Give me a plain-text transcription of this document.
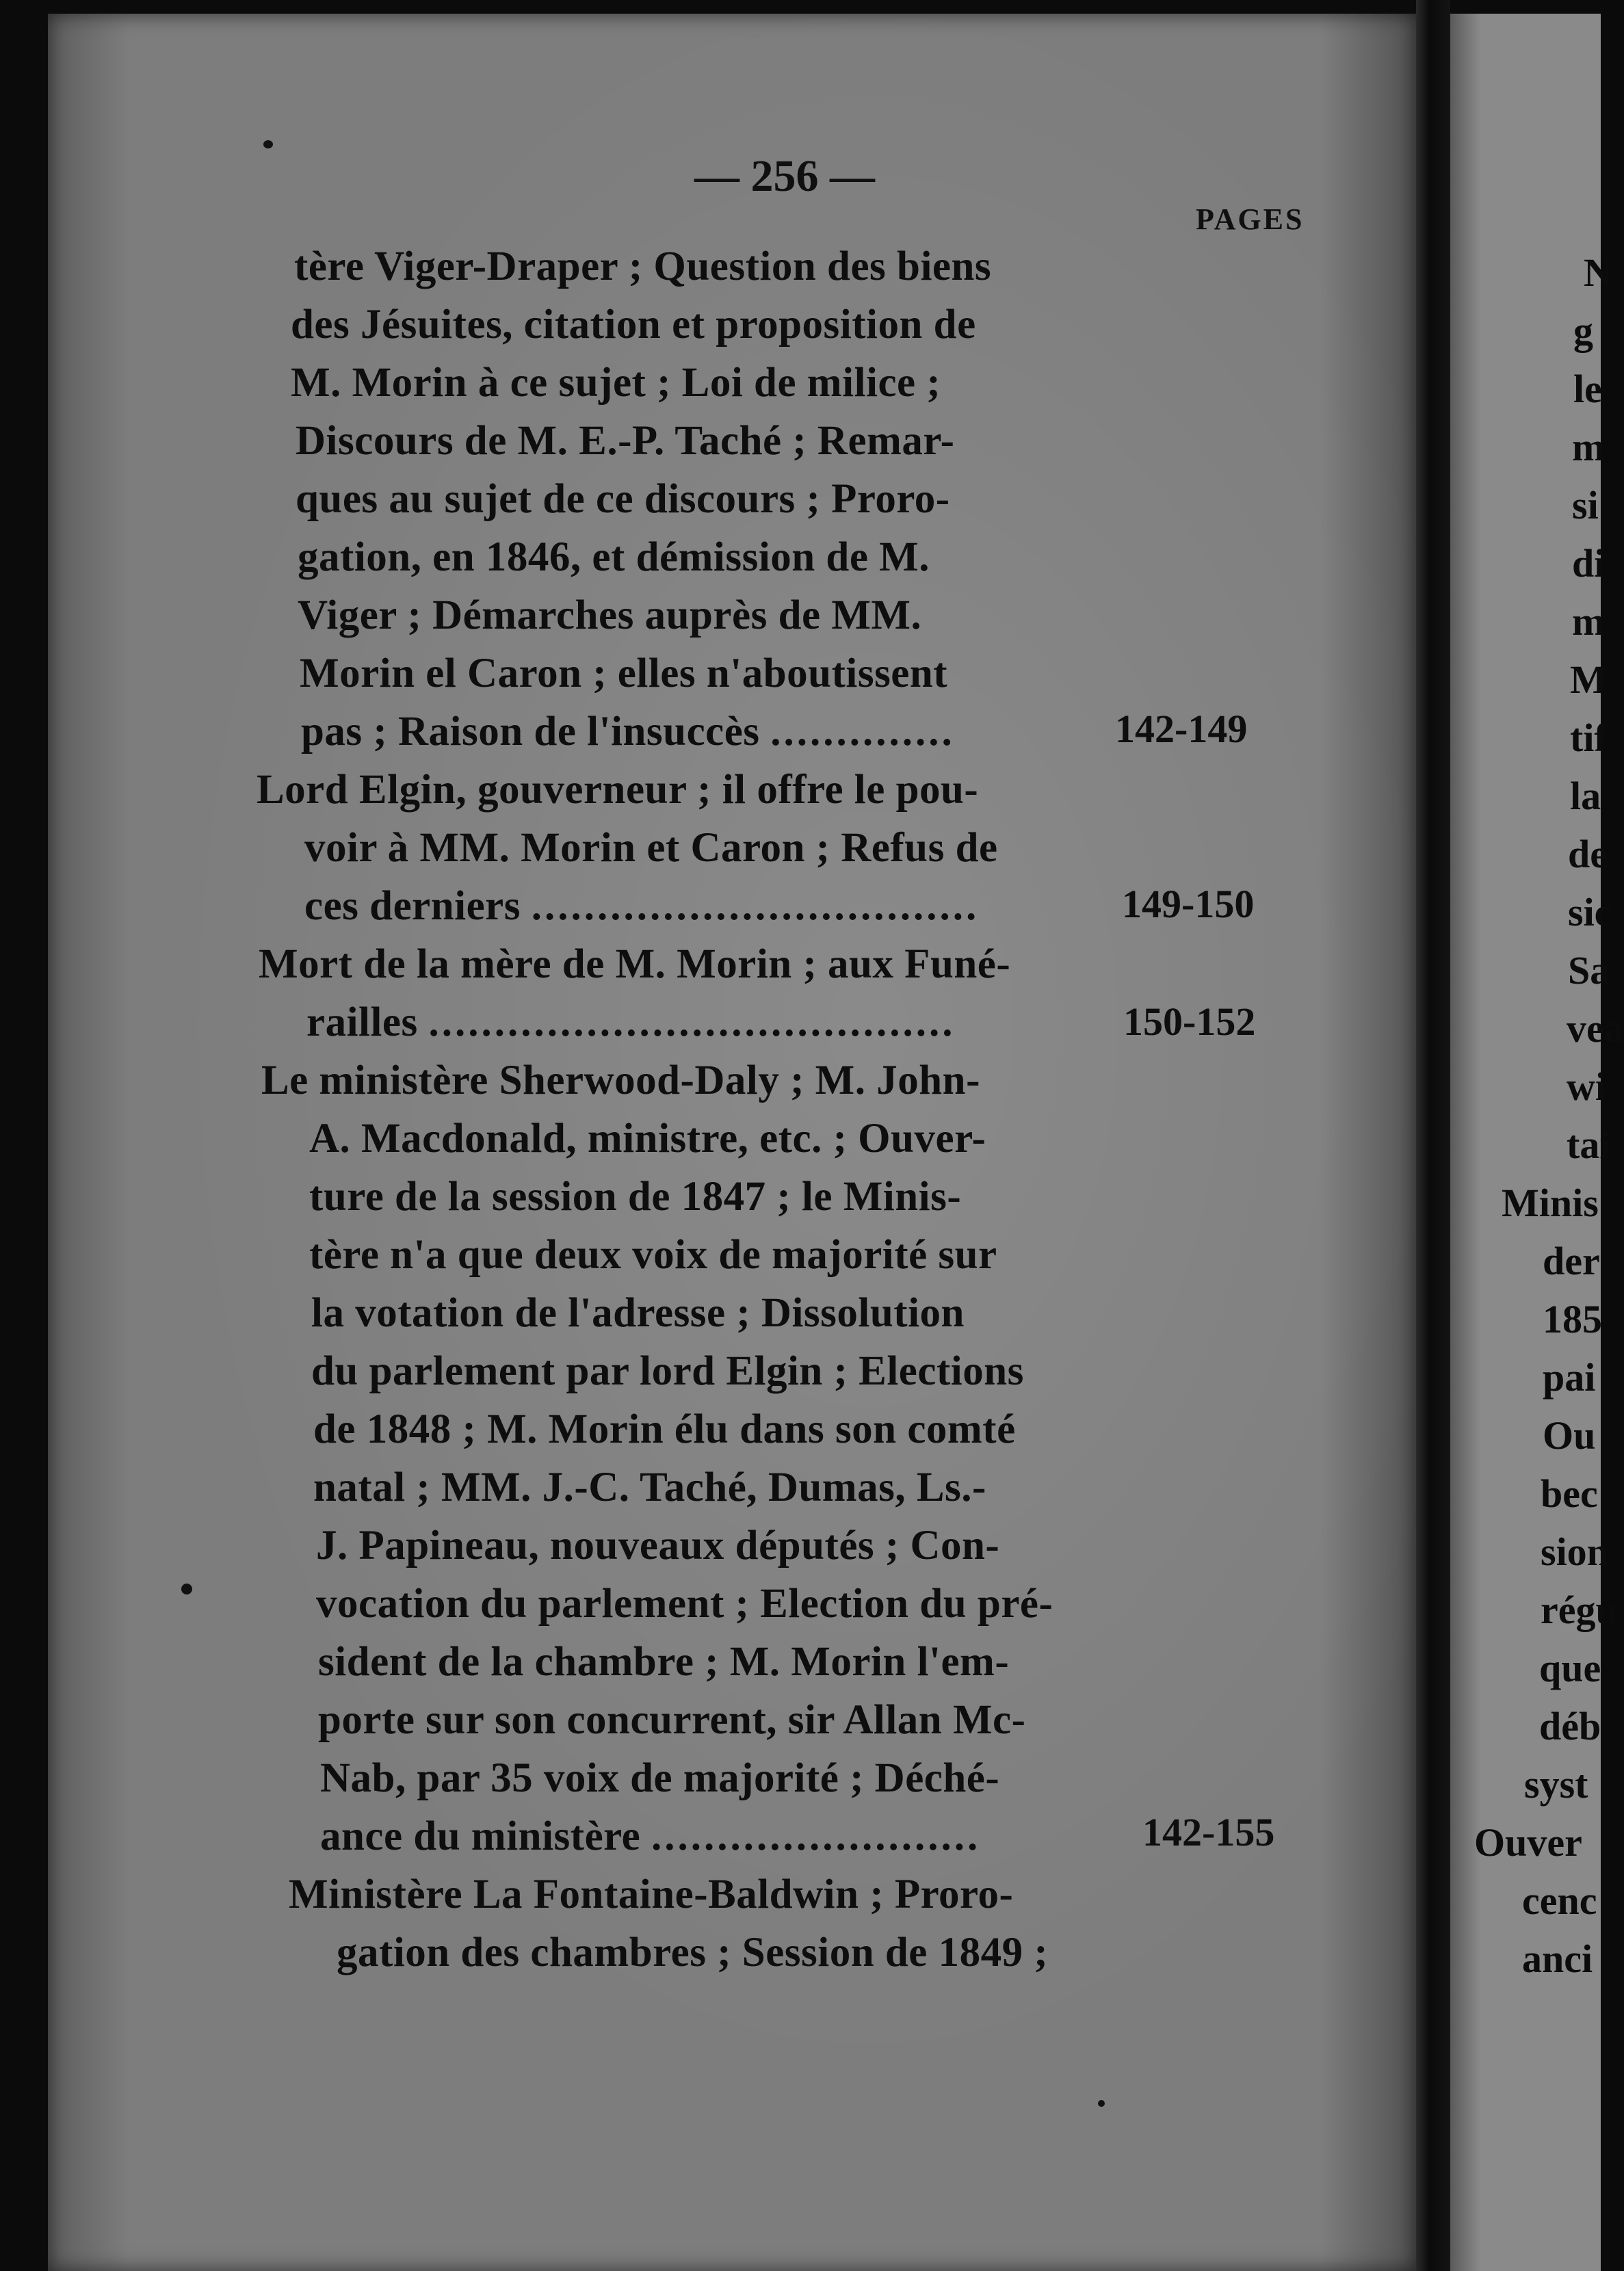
— 256 —
PAGES
tère Viger-Draper ; Question des biens
des Jésuites, citation et proposition de
M. Morin à ce sujet ; Loi de milice ;
Discours de M. E.-P. Taché ; Remar-
ques au sujet de ce discours ; Proro-
gation, en 1846, et démission de M.
Viger ; Démarches auprès de MM.
Morin el Caron ; elles n'aboutissent
pas ; Raison de l'insuccès ..............	142-149
Lord Elgin, gouverneur ; il offre le pou-
voir à MM. Morin et Caron ; Refus de
ces derniers ..................................	149-150
Mort de la mère de M. Morin ; aux Funé-
railles ........................................	150-152
Le ministère Sherwood-Daly ; M. John-
A. Macdonald, ministre, etc. ; Ouver-
ture de la session de 1847 ; le Minis-
tère n'a que deux voix de majorité sur
la votation de l'adresse ; Dissolution
du parlement par lord Elgin ; Elections
de 1848 ; M. Morin élu dans son comté
natal ; MM. J.-C. Taché, Dumas, Ls.-
J. Papineau, nouveaux députés ; Con-
vocation du parlement ; Election du pré-
sident de la chambre ; M. Morin l'em-
porte sur son concurrent, sir Allan Mc-
Nab, par 35 voix de majorité ; Déché-
ance du ministère .........................	142-155
Ministère La Fontaine-Baldwin ; Proro-
gation des chambres ; Session de 1849 ;
N
g
le
m
si
di
m
M
tif
la
de
sic
Sa
vea
wi
tai
Minis
der
185
pai
Ou
bec
sion
régu
que
déb
syst
Ouver
cenc
anci
